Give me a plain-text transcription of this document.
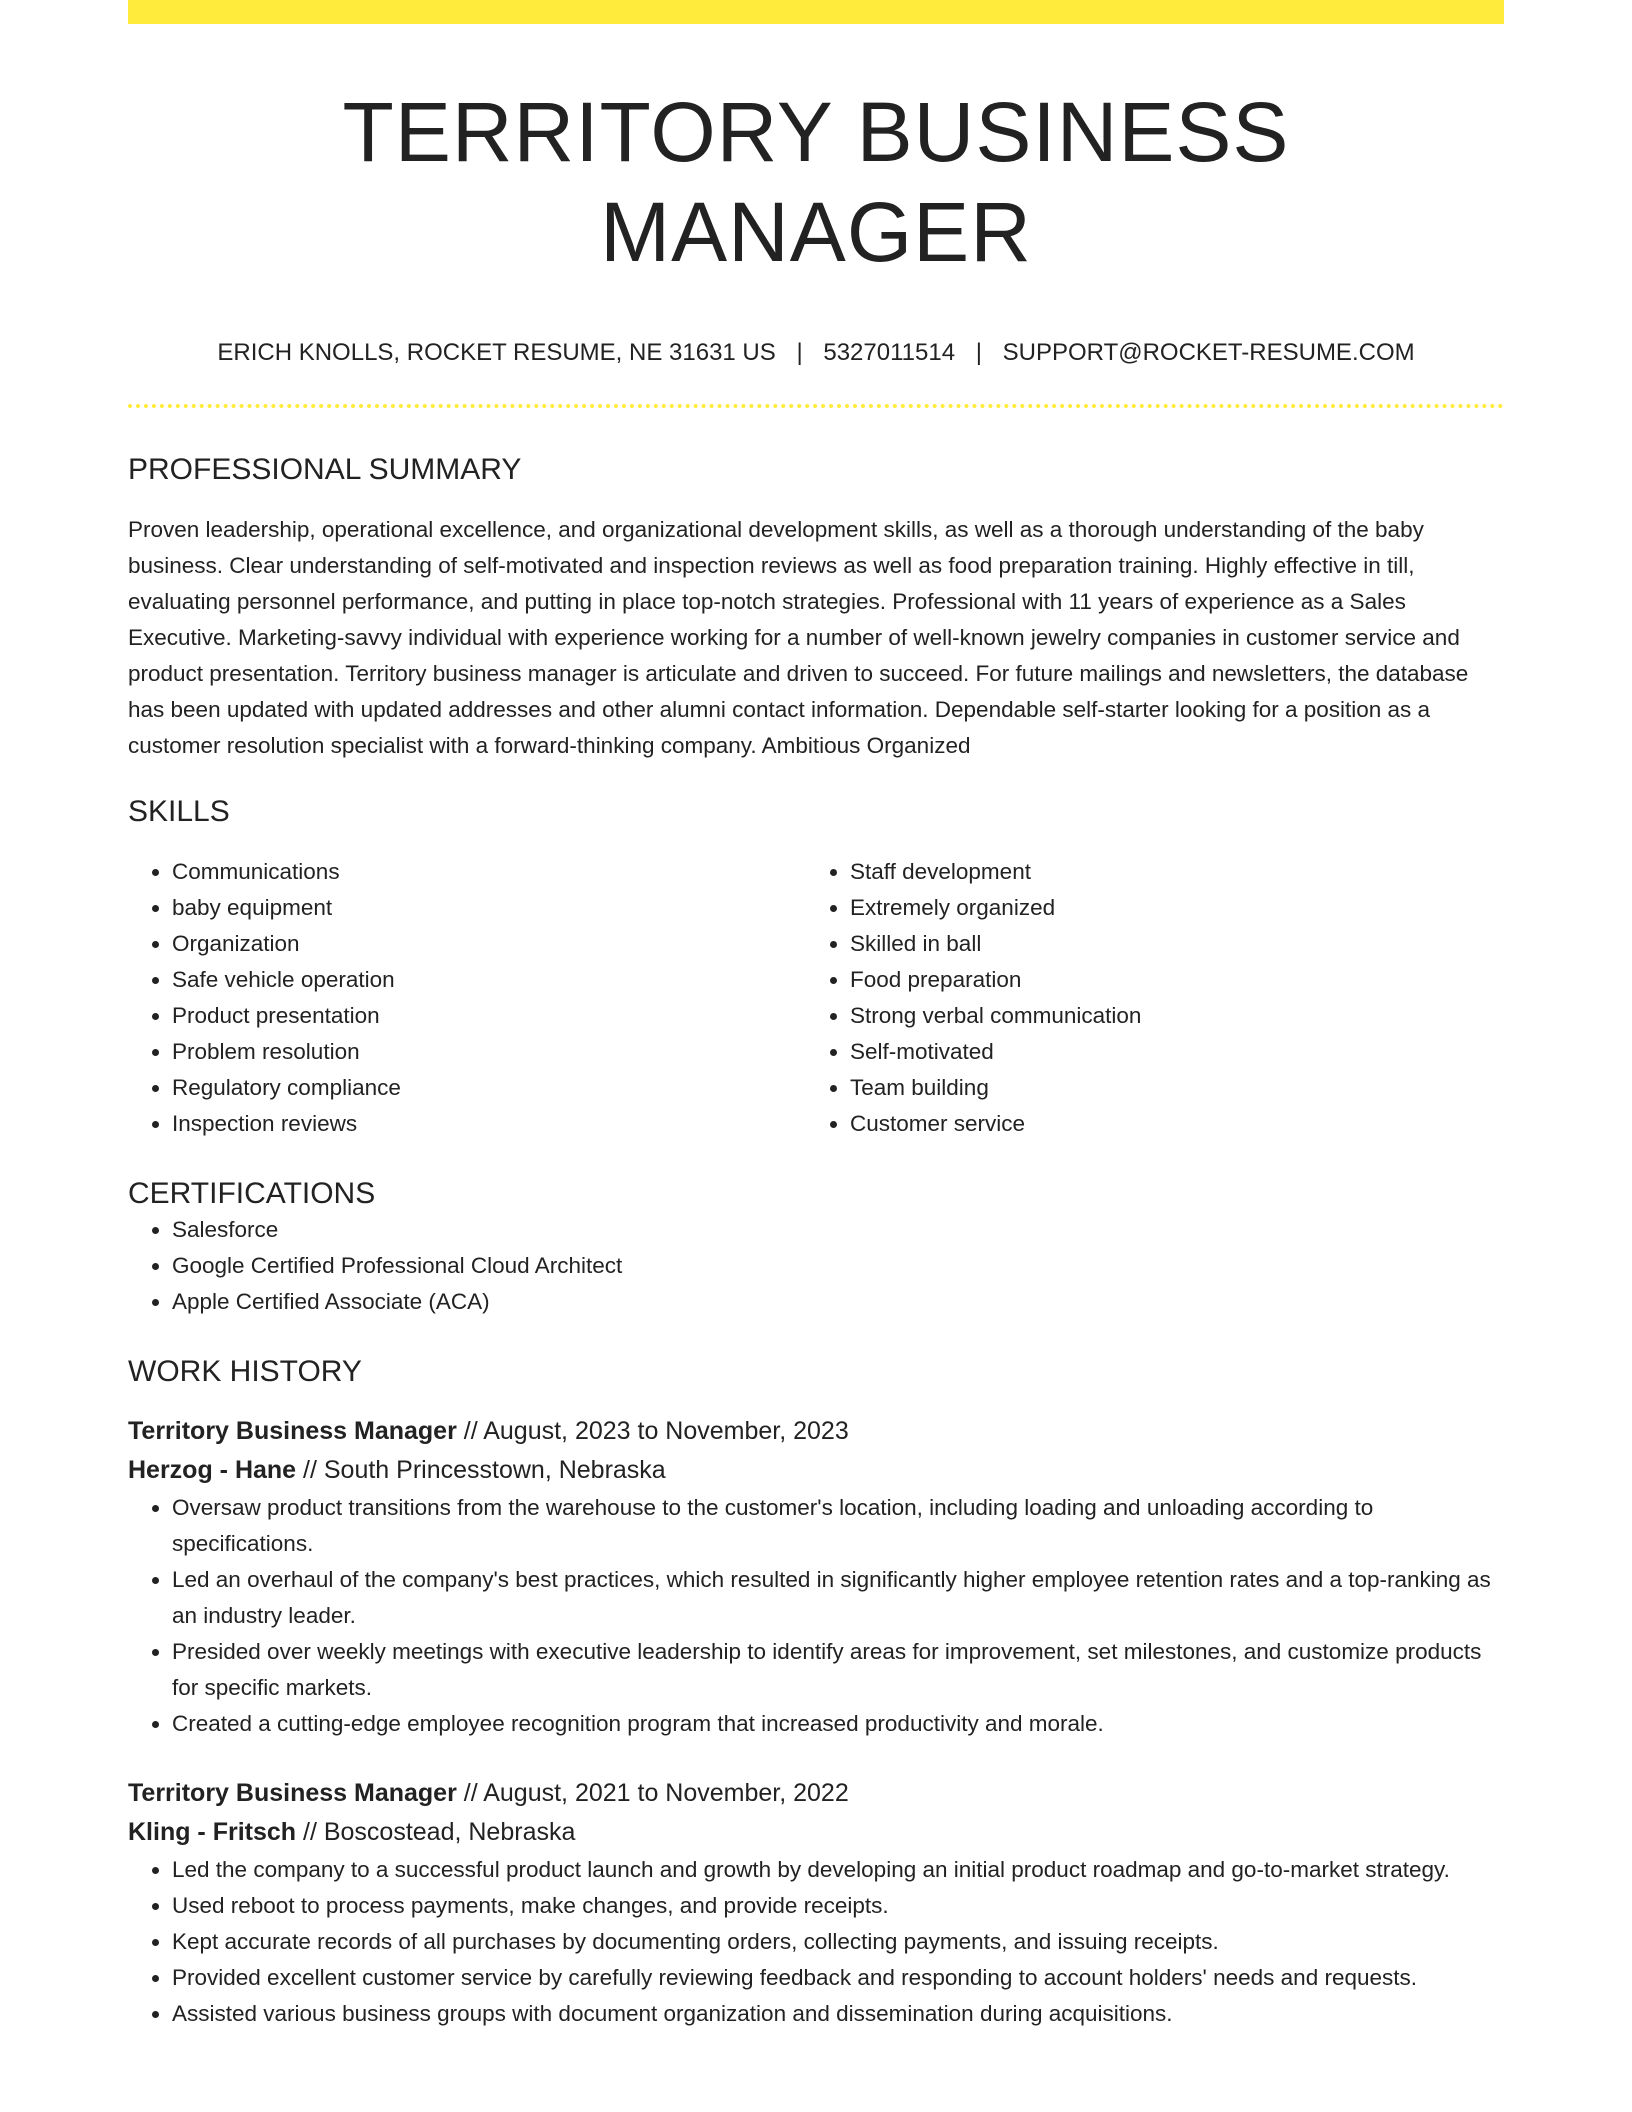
TERRITORY BUSINESS MANAGER
ERICH KNOLLS, ROCKET RESUME, NE 31631 US | 5327011514 | SUPPORT@ROCKET-RESUME.COM
PROFESSIONAL SUMMARY
Proven leadership, operational excellence, and organizational development skills, as well as a thorough understanding of the baby business. Clear understanding of self-motivated and inspection reviews as well as food preparation training. Highly effective in till, evaluating personnel performance, and putting in place top-notch strategies. Professional with 11 years of experience as a Sales Executive. Marketing-savvy individual with experience working for a number of well-known jewelry companies in customer service and product presentation. Territory business manager is articulate and driven to succeed. For future mailings and newsletters, the database has been updated with updated addresses and other alumni contact information. Dependable self-starter looking for a position as a customer resolution specialist with a forward-thinking company. Ambitious Organized
SKILLS
• Communications
• baby equipment
• Organization
• Safe vehicle operation
• Product presentation
• Problem resolution
• Regulatory compliance
• Inspection reviews
• Staff development
• Extremely organized
• Skilled in ball
• Food preparation
• Strong verbal communication
• Self-motivated
• Team building
• Customer service
CERTIFICATIONS
• Salesforce
• Google Certified Professional Cloud Architect
• Apple Certified Associate (ACA)
WORK HISTORY
Territory Business Manager // August, 2023 to November, 2023
Herzog - Hane // South Princesstown, Nebraska
• Oversaw product transitions from the warehouse to the customer's location, including loading and unloading according to specifications.
• Led an overhaul of the company's best practices, which resulted in significantly higher employee retention rates and a top-ranking as an industry leader.
• Presided over weekly meetings with executive leadership to identify areas for improvement, set milestones, and customize products for specific markets.
• Created a cutting-edge employee recognition program that increased productivity and morale.
Territory Business Manager // August, 2021 to November, 2022
Kling - Fritsch // Boscostead, Nebraska
• Led the company to a successful product launch and growth by developing an initial product roadmap and go-to-market strategy.
• Used reboot to process payments, make changes, and provide receipts.
• Kept accurate records of all purchases by documenting orders, collecting payments, and issuing receipts.
• Provided excellent customer service by carefully reviewing feedback and responding to account holders' needs and requests.
• Assisted various business groups with document organization and dissemination during acquisitions.
